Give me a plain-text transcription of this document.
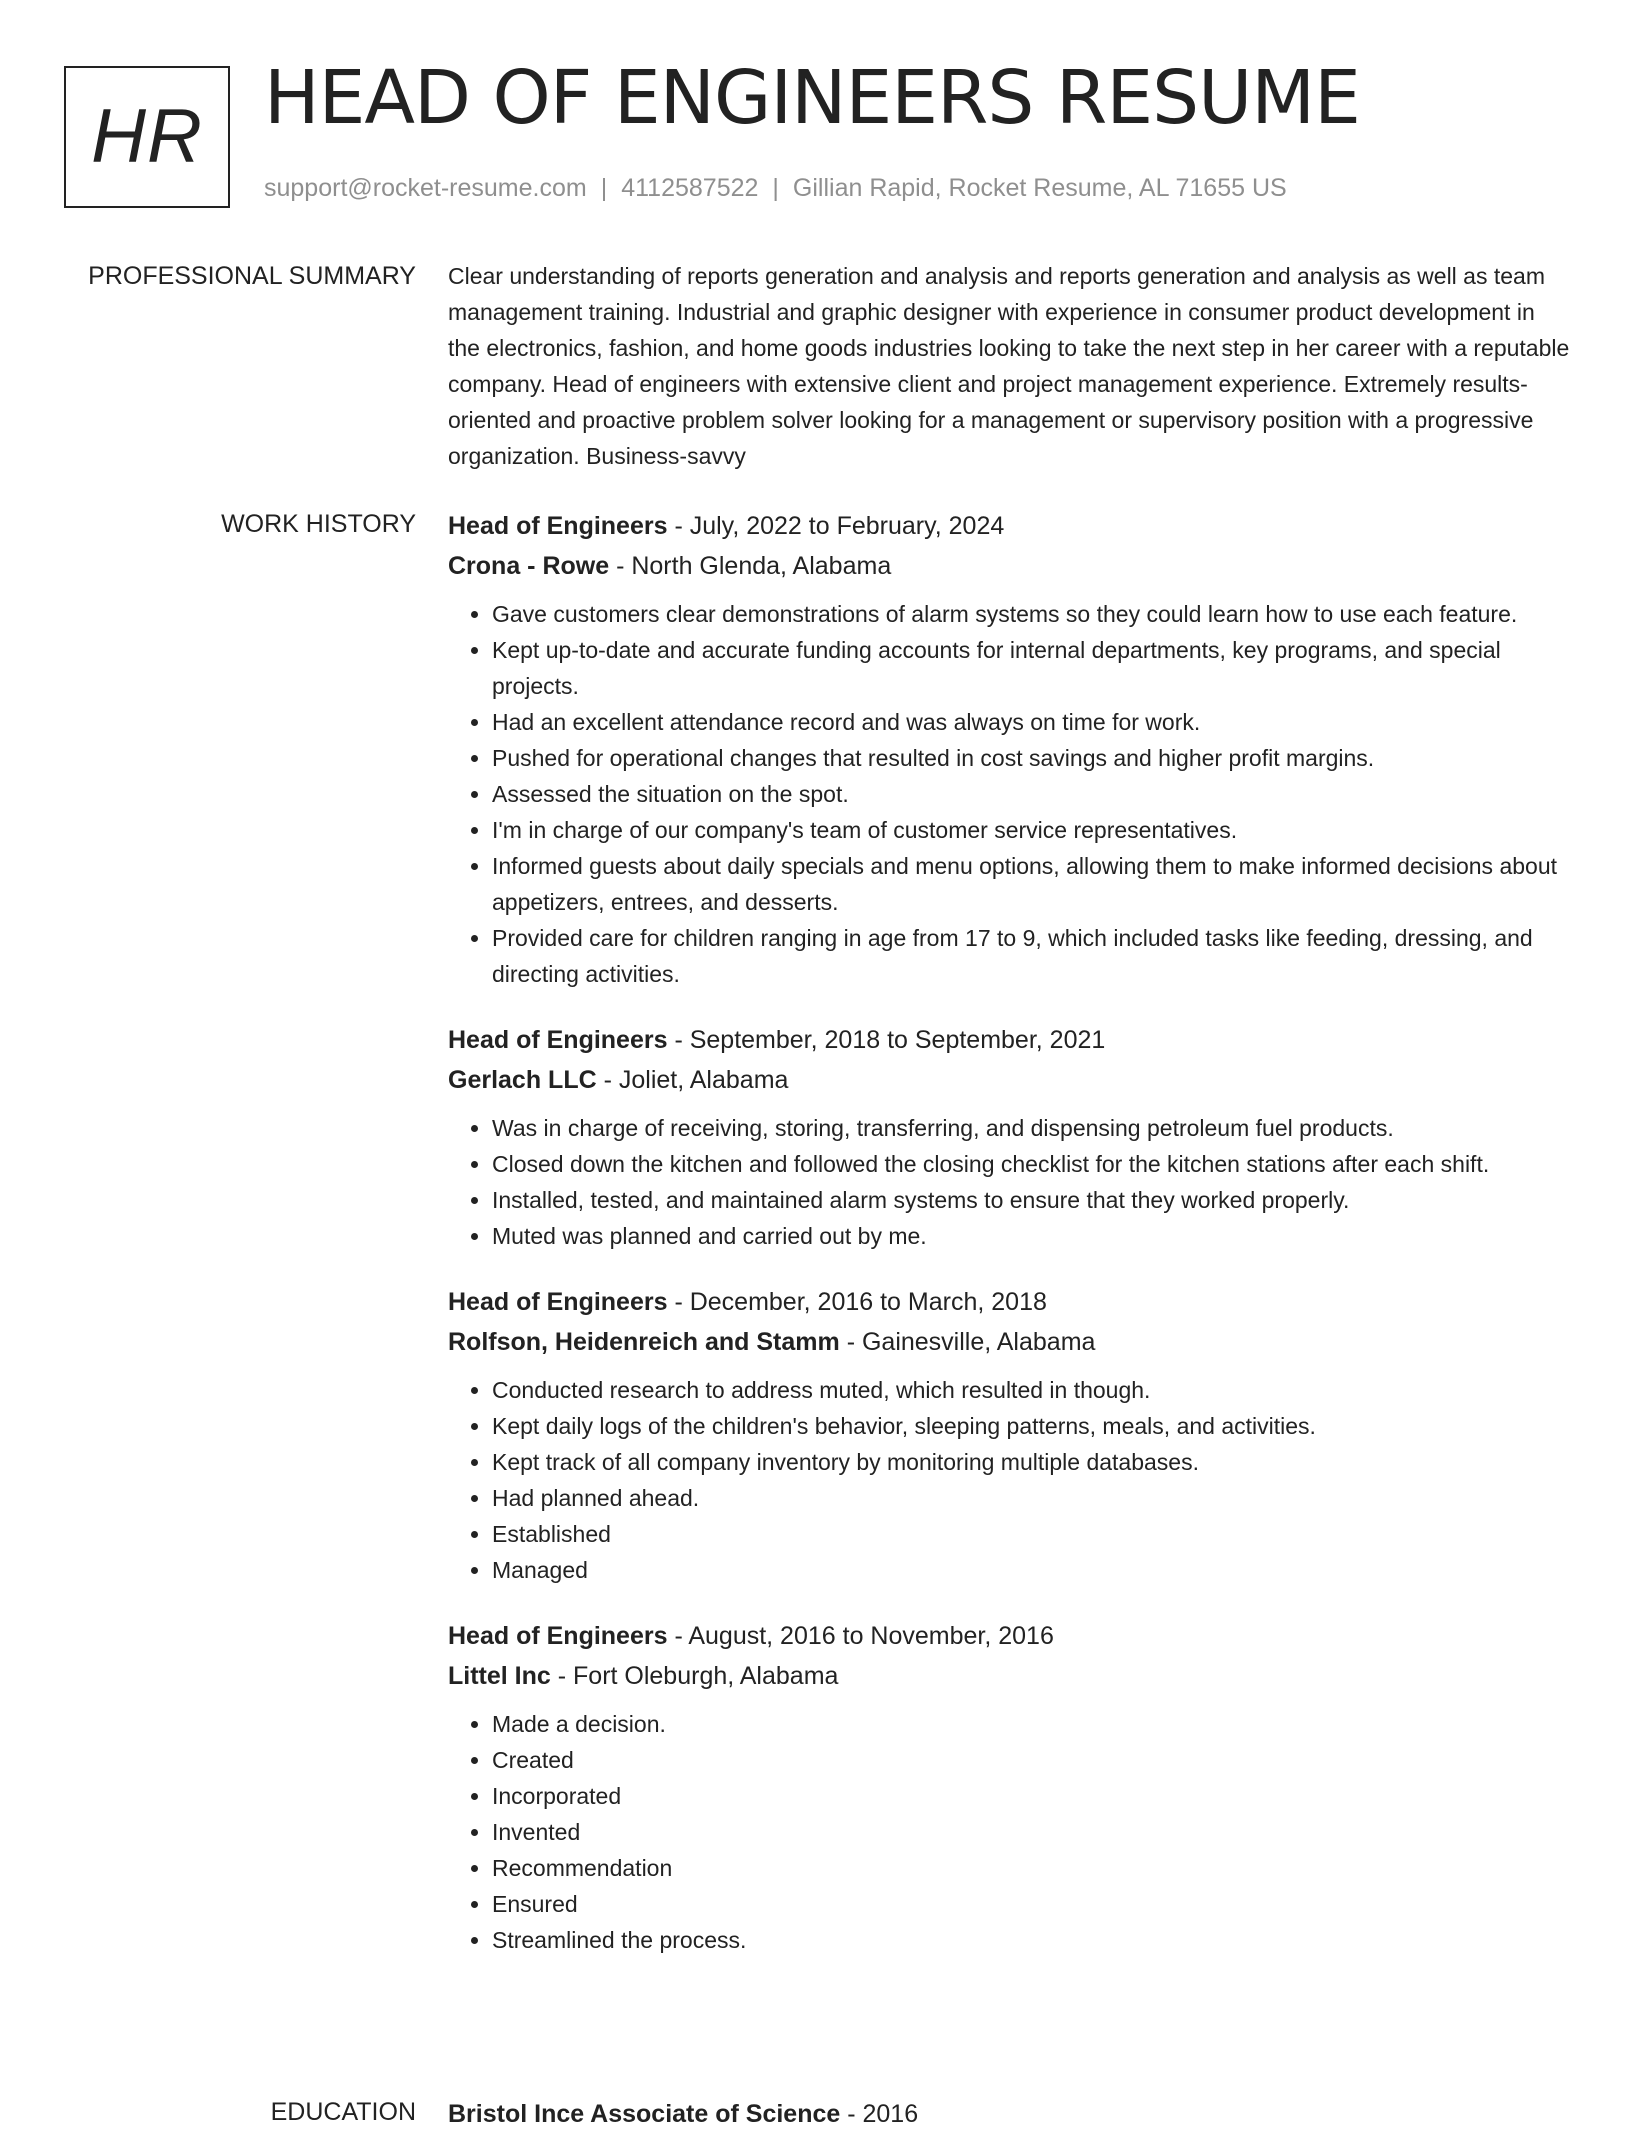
HR HEAD OF ENGINEERS RESUME
support@rocket-resume.com | 4112587522 | Gillian Rapid, Rocket Resume, AL 71655 US
PROFESSIONAL SUMMARY Clear understanding of reports generation and analysis and reports generation and analysis as well as team management training. Industrial and graphic designer with experience in consumer product development in the electronics, fashion, and home goods industries looking to take the next step in her career with a reputable company. Head of engineers with extensive client and project management experience. Extremely results-oriented and proactive problem solver looking for a management or supervisory position with a progressive organization. Business-savvy

WORK HISTORY Head of Engineers - July, 2022 to February, 2024
Crona - Rowe - North Glenda, Alabama
• Gave customers clear demonstrations of alarm systems so they could learn how to use each feature.
• Kept up-to-date and accurate funding accounts for internal departments, key programs, and special projects.
• Had an excellent attendance record and was always on time for work.
• Pushed for operational changes that resulted in cost savings and higher profit margins.
• Assessed the situation on the spot.
• I'm in charge of our company's team of customer service representatives.
• Informed guests about daily specials and menu options, allowing them to make informed decisions about appetizers, entrees, and desserts.
• Provided care for children ranging in age from 17 to 9, which included tasks like feeding, dressing, and directing activities.
Head of Engineers - September, 2018 to September, 2021
Gerlach LLC - Joliet, Alabama
• Was in charge of receiving, storing, transferring, and dispensing petroleum fuel products.
• Closed down the kitchen and followed the closing checklist for the kitchen stations after each shift.
• Installed, tested, and maintained alarm systems to ensure that they worked properly.
• Muted was planned and carried out by me.
Head of Engineers - December, 2016 to March, 2018
Rolfson, Heidenreich and Stamm - Gainesville, Alabama
• Conducted research to address muted, which resulted in though.
• Kept daily logs of the children's behavior, sleeping patterns, meals, and activities.
• Kept track of all company inventory by monitoring multiple databases.
• Had planned ahead.
• Established
• Managed
Head of Engineers - August, 2016 to November, 2016
Littel Inc - Fort Oleburgh, Alabama
• Made a decision.
• Created
• Incorporated
• Invented
• Recommendation
• Ensured
• Streamlined the process.
EDUCATION Bristol Ince Associate of Science - 2016
